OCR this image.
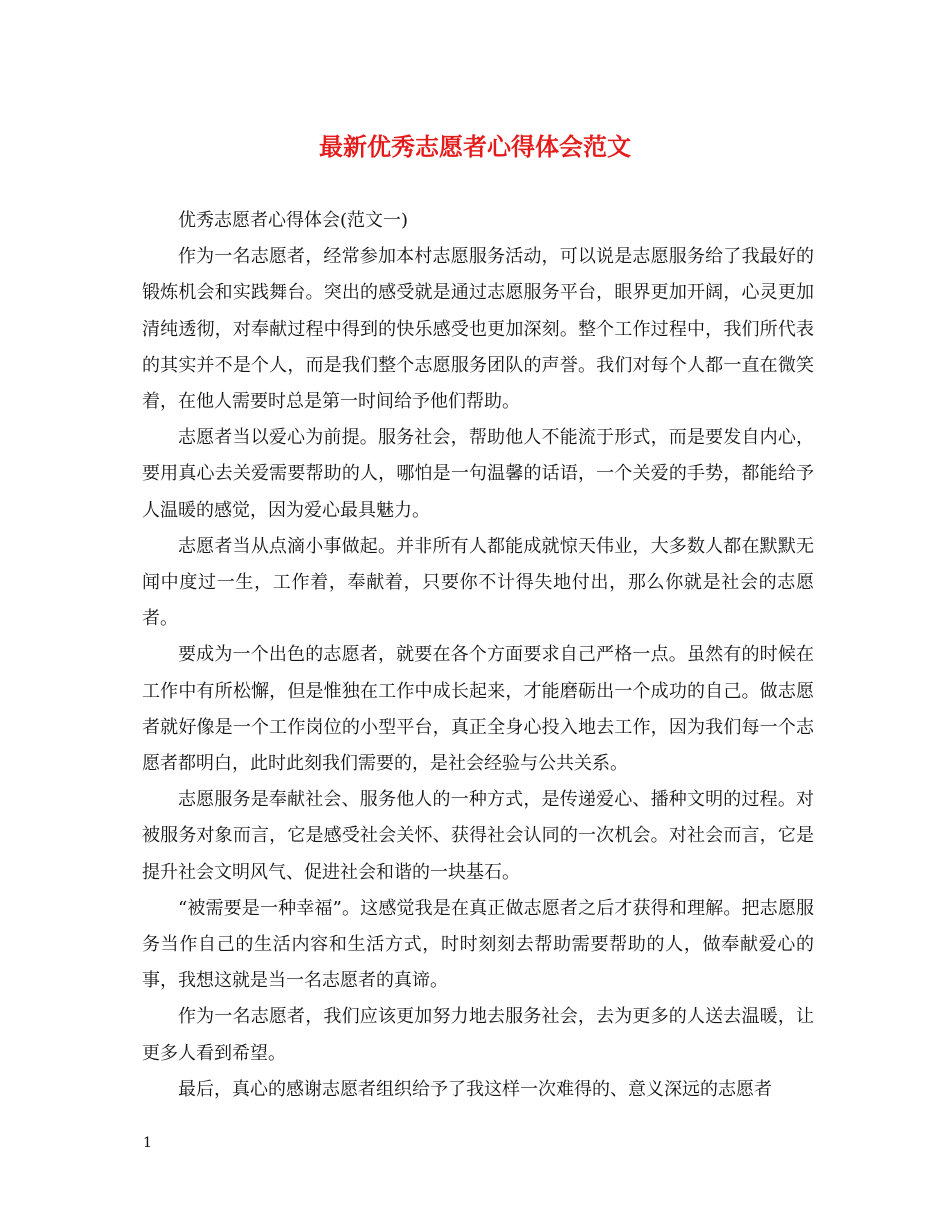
最新优秀志愿者心得体会范文

优秀志愿者心得体会(范文一)

作为一名志愿者，经常参加本村志愿服务活动，可以说是志愿服务给了我最好的锻炼机会和实践舞台。突出的感受就是通过志愿服务平台，眼界更加开阔，心灵更加清纯透彻，对奉献过程中得到的快乐感受也更加深刻。整个工作过程中，我们所代表的其实并不是个人，而是我们整个志愿服务团队的声誉。我们对每个人都一直在微笑着，在他人需要时总是第一时间给予他们帮助。

志愿者当以爱心为前提。服务社会，帮助他人不能流于形式，而是要发自内心，要用真心去关爱需要帮助的人，哪怕是一句温馨的话语，一个关爱的手势，都能给予人温暖的感觉，因为爱心最具魅力。

志愿者当从点滴小事做起。并非所有人都能成就惊天伟业，大多数人都在默默无闻中度过一生，工作着，奉献着，只要你不计得失地付出，那么你就是社会的志愿者。

要成为一个出色的志愿者，就要在各个方面要求自己严格一点。虽然有的时候在工作中有所松懈，但是惟独在工作中成长起来，才能磨砺出一个成功的自己。做志愿者就好像是一个工作岗位的小型平台，真正全身心投入地去工作，因为我们每一个志愿者都明白，此时此刻我们需要的，是社会经验与公共关系。

志愿服务是奉献社会、服务他人的一种方式，是传递爱心、播种文明的过程。对被服务对象而言，它是感受社会关怀、获得社会认同的一次机会。对社会而言，它是提升社会文明风气、促进社会和谐的一块基石。

“被需要是一种幸福”。这感觉我是在真正做志愿者之后才获得和理解。把志愿服务当作自己的生活内容和生活方式，时时刻刻去帮助需要帮助的人，做奉献爱心的事，我想这就是当一名志愿者的真谛。

作为一名志愿者，我们应该更加努力地去服务社会，去为更多的人送去温暖，让更多人看到希望。

最后，真心的感谢志愿者组织给予了我这样一次难得的、意义深远的志愿者

1
